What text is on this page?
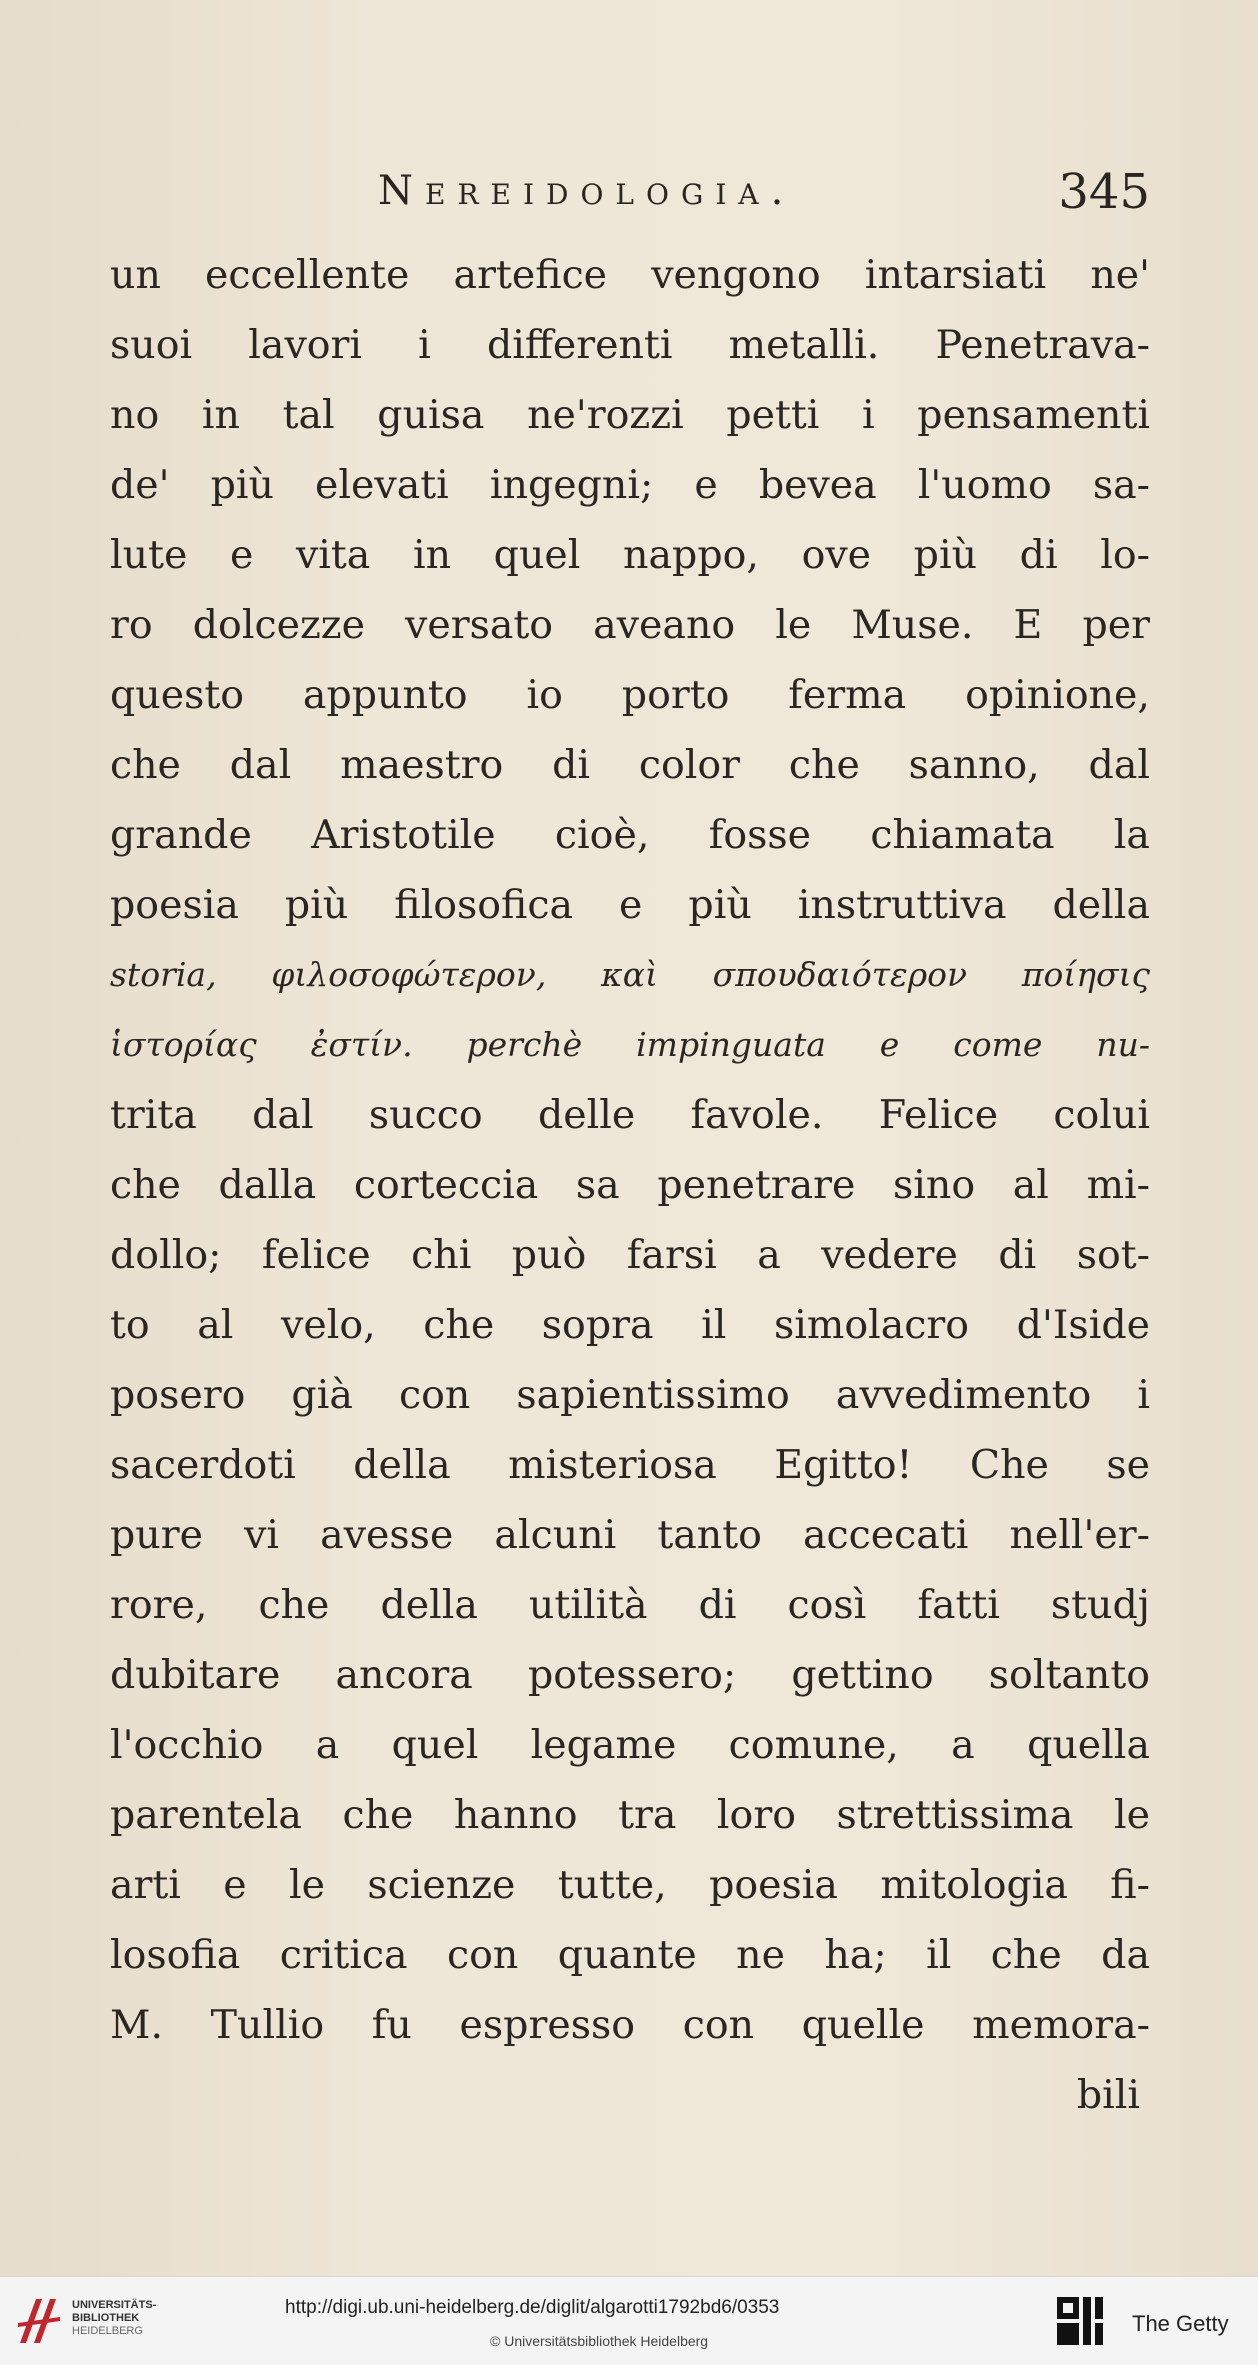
Nereidologia.	345
un eccellente artefice vengono intarsiati ne'
suoi lavori i differenti metalli. Penetrava-
no in tal guisa ne'rozzi petti i pensamenti
de' più elevati ingegni; e bevea l'uomo sa-
lute e vita in quel nappo, ove più di lo-
ro dolcezze versato aveano le Muse. E per
questo appunto io porto ferma opinione,
che dal maestro di color che sanno, dal
grande Aristotile cioè, fosse chiamata la
poesia più filosofica e più instruttiva della
storia, φιλοσοφώτερον, καὶ σπουδαιότερον ποίησις
ἱστορίας ἐστίν. perchè impinguata e come nu-
trita dal succo delle favole. Felice colui
che dalla corteccia sa penetrare sino al mi-
dollo; felice chi può farsi a vedere di sot-
to al velo, che sopra il simolacro d'Iside
posero già con sapientissimo avvedimento i
sacerdoti della misteriosa Egitto! Che se
pure vi avesse alcuni tanto accecati nell'er-
rore, che della utilità di così fatti studj
dubitare ancora potessero; gettino soltanto
l'occhio a quel legame comune, a quella
parentela che hanno tra loro strettissima le
arti e le scienze tutte, poesia mitologia fi-
losofia critica con quante ne ha; il che da
M. Tullio fu espresso con quelle memora-
bili
UNIVERSITÄTS-
BIBLIOTHEK
HEIDELBERG
http://digi.ub.uni-heidelberg.de/diglit/algarotti1792bd6/0353
© Universitätsbibliothek Heidelberg
The Getty
